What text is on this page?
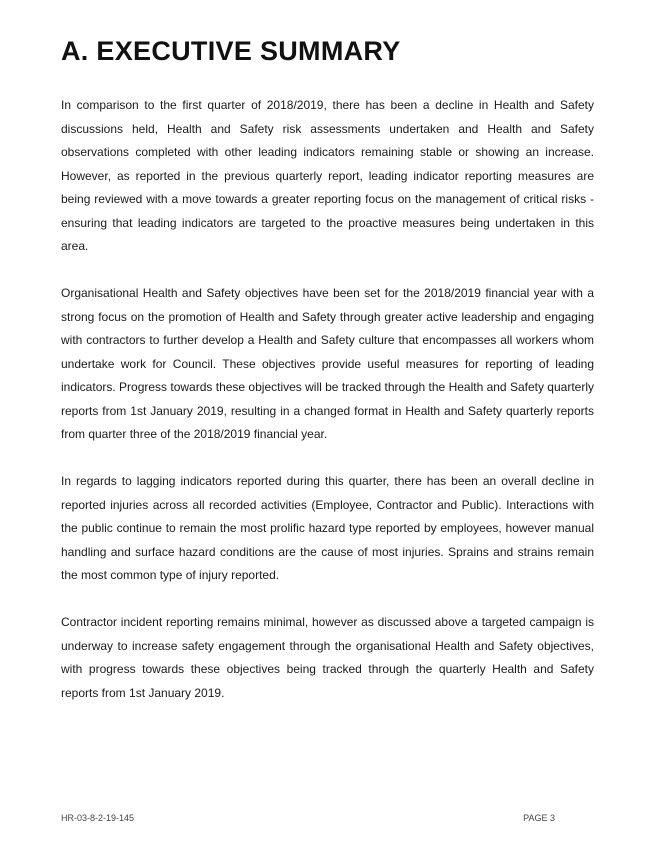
A. EXECUTIVE SUMMARY

In comparison to the first quarter of 2018/2019, there has been a decline in Health and Safety discussions held, Health and Safety risk assessments undertaken and Health and Safety observations completed with other leading indicators remaining stable or showing an increase. However, as reported in the previous quarterly report, leading indicator reporting measures are being reviewed with a move towards a greater reporting focus on the management of critical risks - ensuring that leading indicators are targeted to the proactive measures being undertaken in this area.

Organisational Health and Safety objectives have been set for the 2018/2019 financial year with a strong focus on the promotion of Health and Safety through greater active leadership and engaging with contractors to further develop a Health and Safety culture that encompasses all workers whom undertake work for Council. These objectives provide useful measures for reporting of leading indicators. Progress towards these objectives will be tracked through the Health and Safety quarterly reports from 1st January 2019, resulting in a changed format in Health and Safety quarterly reports from quarter three of the 2018/2019 financial year.

In regards to lagging indicators reported during this quarter, there has been an overall decline in reported injuries across all recorded activities (Employee, Contractor and Public). Interactions with the public continue to remain the most prolific hazard type reported by employees, however manual handling and surface hazard conditions are the cause of most injuries. Sprains and strains remain the most common type of injury reported.

Contractor incident reporting remains minimal, however as discussed above a targeted campaign is underway to increase safety engagement through the organisational Health and Safety objectives, with progress towards these objectives being tracked through the quarterly Health and Safety reports from 1st January 2019.

HR-03-8-2-19-145	PAGE 3
